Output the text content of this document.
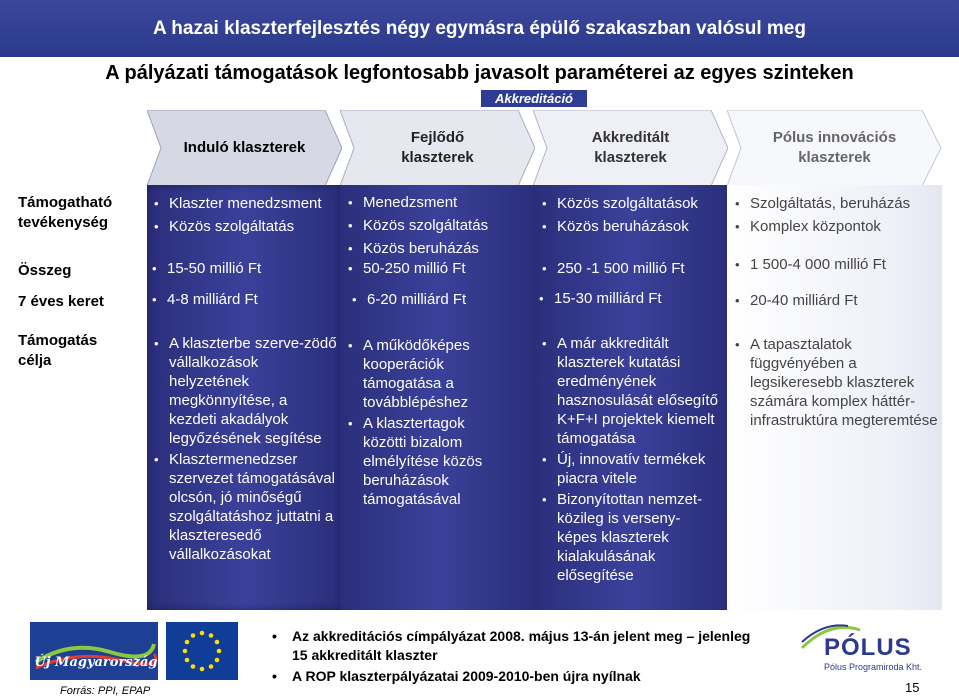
A hazai klaszterfejlesztés négy egymásra épülő szakaszban valósul meg
A pályázati támogatások legfontosabb javasolt paraméterei az egyes szinteken
Akkreditáció
Induló klaszterek
Fejlődő
klaszterek
Akkreditált
klaszterek
Pólus innovációs
klaszterek
Támogatható
tevékenység
Összeg
7 éves keret
Támogatás
célja
• Klaszter menedzsment
• Közös szolgáltatás
• 15-50 millió Ft
• 4-8 milliárd Ft
• A klaszterbe szerve-zödő vállalkozások helyzetének megkönnyítése, a kezdeti akadályok legyőzésének segítése
• Klasztermenedzser szervezet támogatásával olcsón, jó minőségű szolgáltatáshoz juttatni a klaszteresedő vállalkozásokat
• Menedzsment
• Közös szolgáltatás
• Közös beruházás
• 50-250 millió Ft
• 6-20 milliárd Ft
• A működőképes kooperációk támogatása a továbblépéshez
• A klasztertagok közötti bizalom elmélyítése közös beruházások támogatásával
• Közös szolgáltatások
• Közös beruházások
• 250 -1 500 millió Ft
• 15-30 milliárd Ft
• A már akkreditált klaszterek kutatási eredményének hasznosulását elősegítő K+F+I projektek kiemelt támogatása
• Új, innovatív termékek piacra vitele
• Bizonyítottan nemzet-közileg is verseny-képes klaszterek kialakulásának elősegítése
• Szolgáltatás, beruházás
• Komplex központok
• 1 500-4 000 millió Ft
• 20-40 milliárd Ft
• A tapasztalatok függvényében a legsikeresebb klaszterek számára komplex háttér-infrastruktúra megteremtése
Új Magyarország
• Az akkreditációs címpályázat 2008. május 13-án jelent meg – jelenleg 15 akkreditált klaszter
• A ROP klaszterpályázatai 2009-2010-ben újra nyílnak
PÓLUS
Pólus Programiroda Kht.
Forrás: PPI, EPAP	15
